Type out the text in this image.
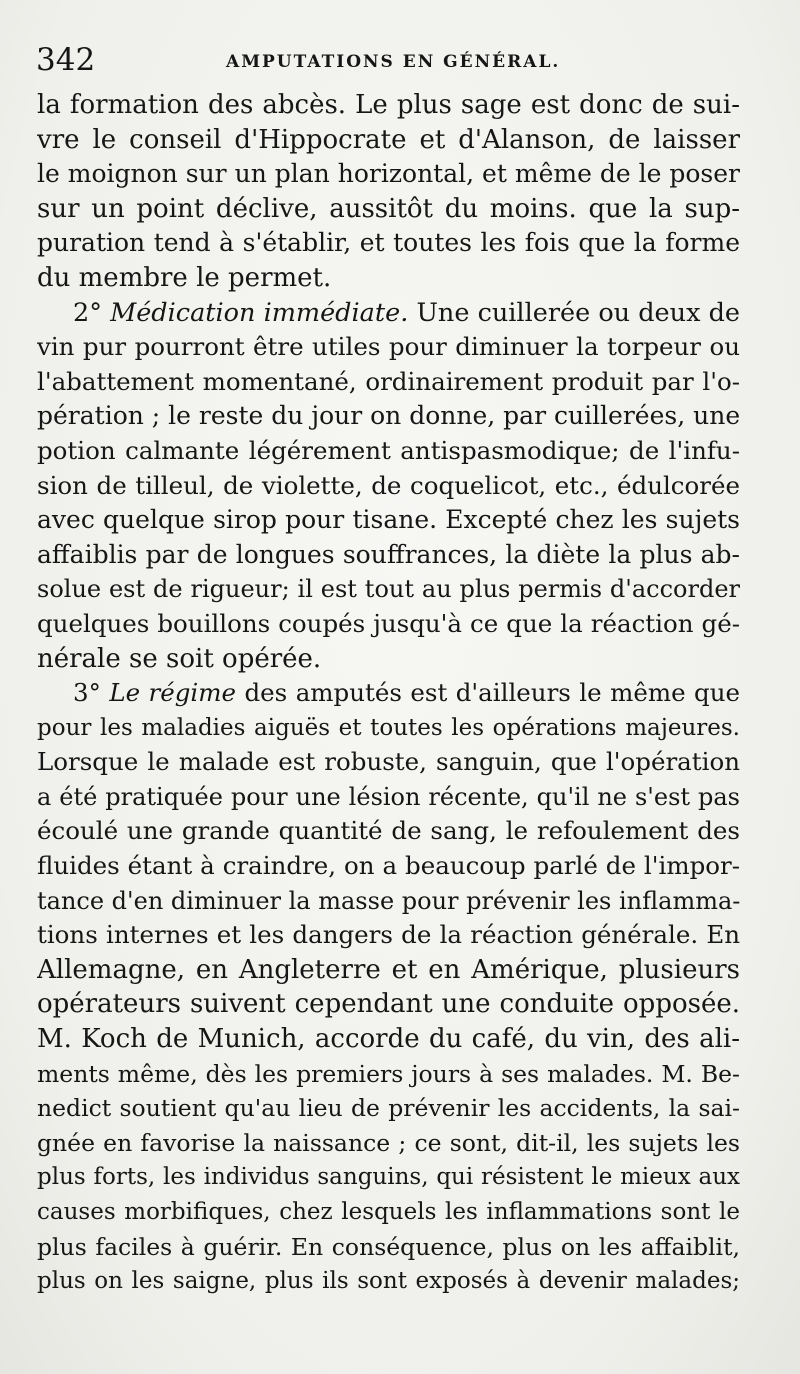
342	AMPUTATIONS EN GÉNÉRAL.
la formation des abcès. Le plus sage est donc de sui-
vre le conseil d'Hippocrate et d'Alanson, de laisser
le moignon sur un plan horizontal, et même de le poser
sur un point déclive, aussitôt du moins. que la sup-
puration tend à s'établir, et toutes les fois que la forme
du membre le permet.
2° Médication immédiate. Une cuillerée ou deux de
vin pur pourront être utiles pour diminuer la torpeur ou
l'abattement momentané, ordinairement produit par l'o-
pération ; le reste du jour on donne, par cuillerées, une
potion calmante légérement antispasmodique; de l'infu-
sion de tilleul, de violette, de coquelicot, etc., édulcorée
avec quelque sirop pour tisane. Excepté chez les sujets
affaiblis par de longues souffrances, la diète la plus ab-
solue est de rigueur; il est tout au plus permis d'accorder
quelques bouillons coupés jusqu'à ce que la réaction gé-
nérale se soit opérée.
3° Le régime des amputés est d'ailleurs le même que
pour les maladies aiguës et toutes les opérations majeures.
Lorsque le malade est robuste, sanguin, que l'opération
a été pratiquée pour une lésion récente, qu'il ne s'est pas
écoulé une grande quantité de sang, le refoulement des
fluides étant à craindre, on a beaucoup parlé de l'impor-
tance d'en diminuer la masse pour prévenir les inflamma-
tions internes et les dangers de la réaction générale. En
Allemagne, en Angleterre et en Amérique, plusieurs
opérateurs suivent cependant une conduite opposée.
M. Koch de Munich, accorde du café, du vin, des ali-
ments même, dès les premiers jours à ses malades. M. Be-
nedict soutient qu'au lieu de prévenir les accidents, la sai-
gnée en favorise la naissance ; ce sont, dit-il, les sujets les
plus forts, les individus sanguins, qui résistent le mieux aux
causes morbifiques, chez lesquels les inflammations sont le
plus faciles à guérir. En conséquence, plus on les affaiblit,
plus on les saigne, plus ils sont exposés à devenir malades;
